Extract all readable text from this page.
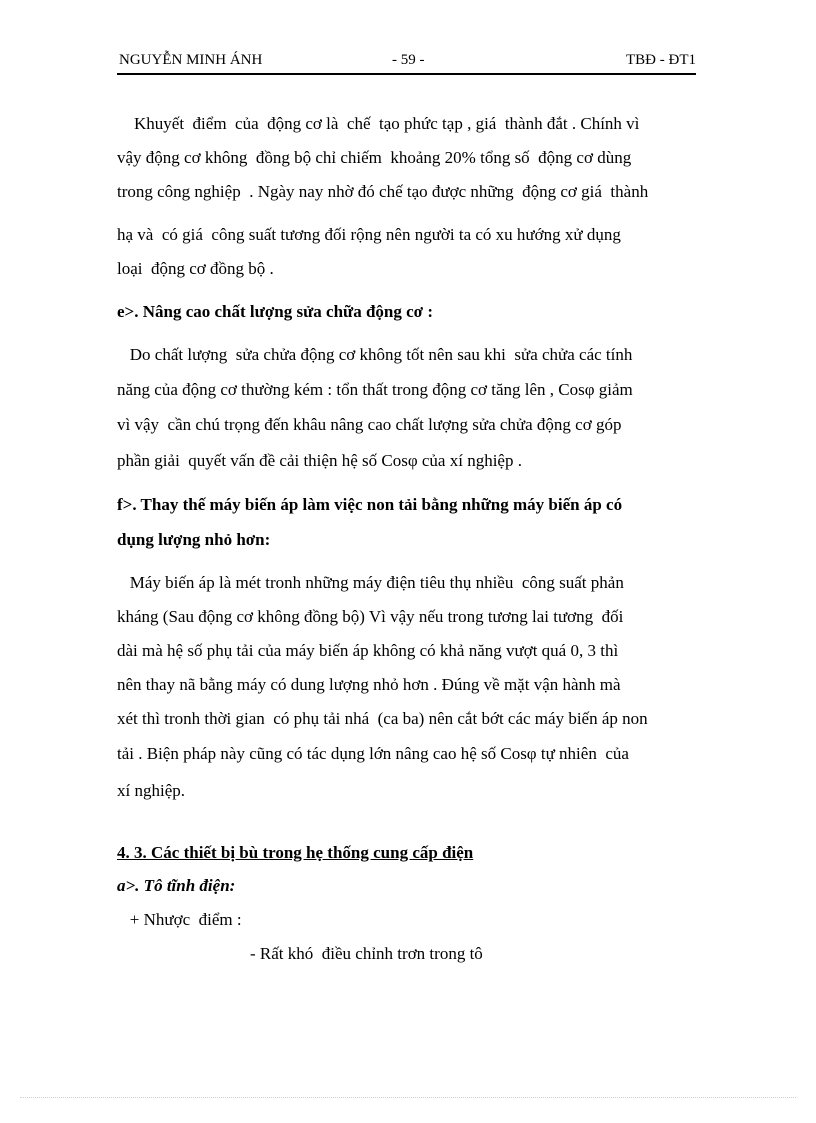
NGUYỄN MINH ÁNH	- 59 -	TBĐ - ĐT1
Khuyết  điểm  của  động cơ là  chế  tạo phức tạp , giá  thành đắt . Chính vì
vậy động cơ không  đồng bộ chỉ chiếm  khoảng 20% tổng số  động cơ dùng
trong công nghiệp  . Ngày nay nhờ đó chế tạo được những  động cơ giá  thành
hạ và  có giá  công suất tương đối rộng nên người ta có xu hướng xử dụng
loại  động cơ đồng bộ .
e>. Nâng cao chất lượng sửa chữa động cơ :
Do chất lượng  sửa chửa động cơ không tốt nên sau khi  sửa chửa các tính
năng của động cơ thường kém : tổn thất trong động cơ tăng lên , Cosφ giảm
vì vậy  cần chú trọng đến khâu nâng cao chất lượng sửa chửa động cơ góp
phần giải  quyết vấn đề cải thiện hệ số Cosφ của xí nghiệp .
f>. Thay thế máy biến áp làm việc non tải bằng những máy biến áp có
dụng lượng nhỏ hơn:
Máy biến áp là mét tronh những máy điện tiêu thụ nhiều  công suất phản
kháng (Sau động cơ không đồng bộ) Vì vậy nếu trong tương lai tương  đối
dài mà hệ số phụ tải của máy biến áp không có khả năng vượt quá 0, 3 thì
nên thay nã bằng máy có dung lượng nhỏ hơn . Đúng về mặt vận hành mà
xét thì tronh thời gian  có phụ tải nhá  (ca ba) nên cắt bớt các máy biến áp non
tải . Biện pháp này cũng có tác dụng lớn nâng cao hệ số Cosφ tự nhiên  của
xí nghiệp.
4. 3. Các thiết bị bù trong hẹ thống cung cấp điện
a>. Tô tĩnh điện:
+ Nhược  điểm :
- Rất khó  điều chỉnh trơn trong tô
